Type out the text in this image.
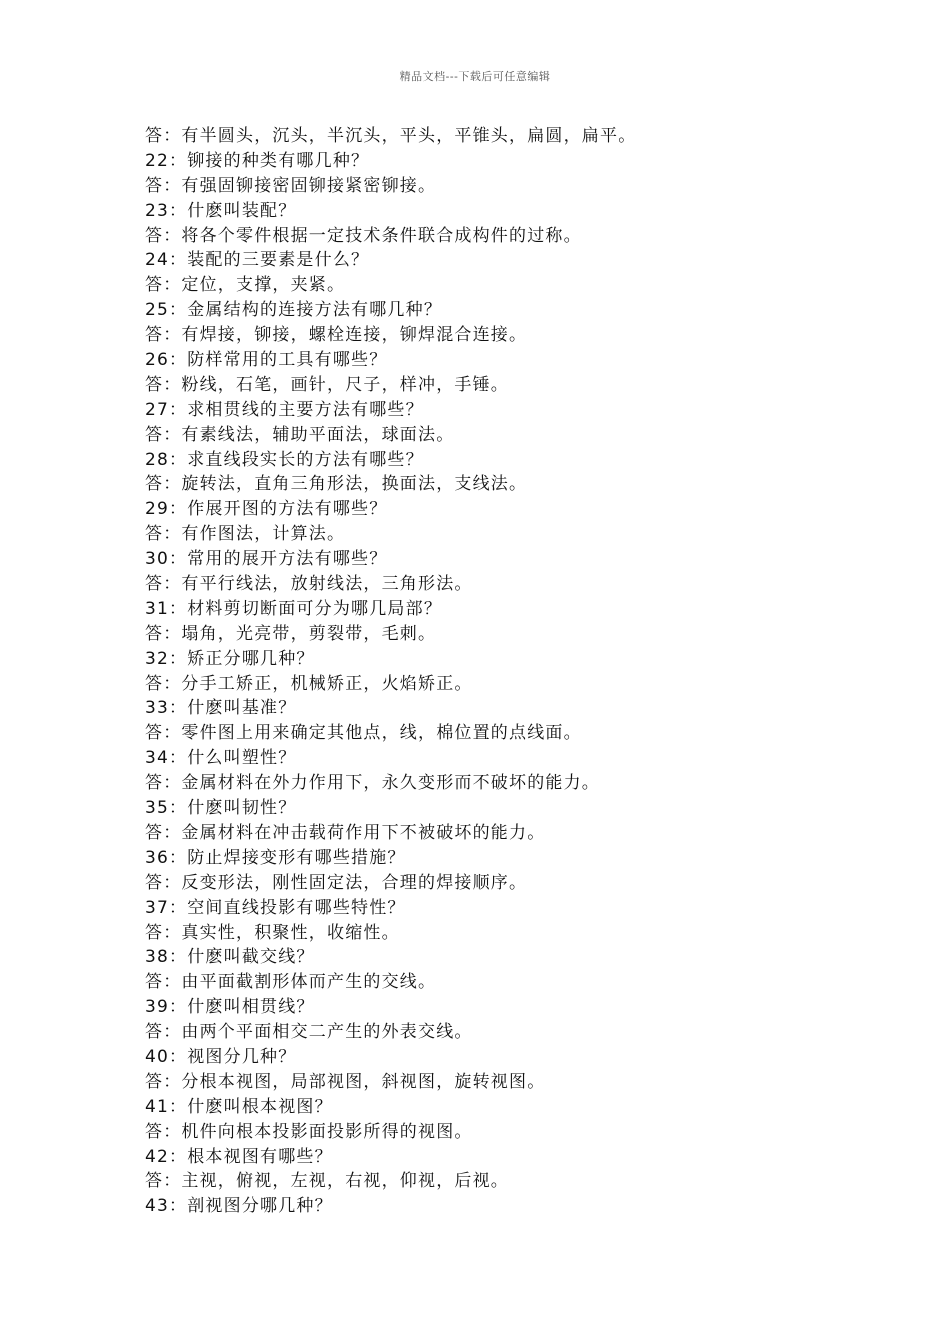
精品文档---下载后可任意编辑
答：有半圆头，沉头，半沉头，平头，平锥头，扁圆，扁平。
22：铆接的种类有哪几种？
答：有强固铆接密固铆接紧密铆接。
23：什麽叫装配？
答：将各个零件根据一定技术条件联合成构件的过称。
24：装配的三要素是什么？
答：定位，支撑，夹紧。
25：金属结构的连接方法有哪几种？
答：有焊接，铆接，螺栓连接，铆焊混合连接。
26：防样常用的工具有哪些？
答：粉线，石笔，画针，尺子，样冲，手锤。
27：求相贯线的主要方法有哪些？
答：有素线法，辅助平面法，球面法。
28：求直线段实长的方法有哪些？
答：旋转法，直角三角形法，换面法，支线法。
29：作展开图的方法有哪些？
答：有作图法，计算法。
30：常用的展开方法有哪些？
答：有平行线法，放射线法，三角形法。
31：材料剪切断面可分为哪几局部？
答：塌角，光亮带，剪裂带，毛刺。
32：矫正分哪几种？
答：分手工矫正，机械矫正，火焰矫正。
33：什麽叫基准？
答：零件图上用来确定其他点，线，棉位置的点线面。
34：什么叫塑性？
答：金属材料在外力作用下，永久变形而不破坏的能力。
35：什麽叫韧性？
答：金属材料在冲击载荷作用下不被破坏的能力。
36：防止焊接变形有哪些措施？
答：反变形法，刚性固定法，合理的焊接顺序。
37：空间直线投影有哪些特性？
答：真实性，积聚性，收缩性。
38：什麽叫截交线？
答：由平面截割形体而产生的交线。
39：什麽叫相贯线？
答：由两个平面相交二产生的外表交线。
40：视图分几种？
答：分根本视图，局部视图，斜视图，旋转视图。
41：什麽叫根本视图？
答：机件向根本投影面投影所得的视图。
42：根本视图有哪些？
答：主视，俯视，左视，右视，仰视，后视。
43：剖视图分哪几种？
